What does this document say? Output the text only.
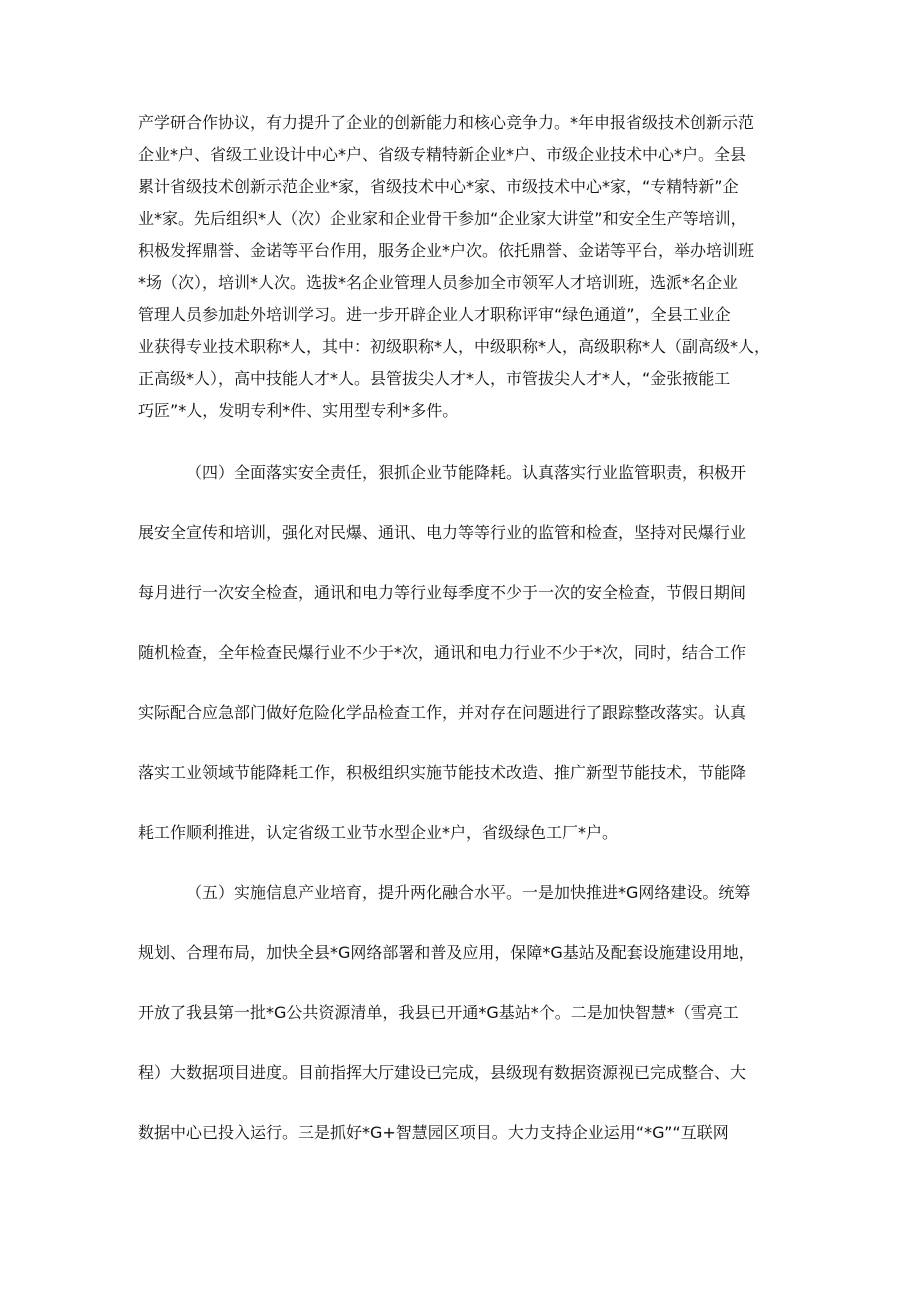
产学研合作协议，有力提升了企业的创新能力和核心竞争力。*年申报省级技术创新示范
企业*户、省级工业设计中心*户、省级专精特新企业*户、市级企业技术中心*户。全县
累计省级技术创新示范企业*家，省级技术中心*家、市级技术中心*家，“专精特新”企
业*家。先后组织*人（次）企业家和企业骨干参加“企业家大讲堂”和安全生产等培训，
积极发挥鼎誉、金诺等平台作用，服务企业*户次。依托鼎誉、金诺等平台，举办培训班
*场（次），培训*人次。选拔*名企业管理人员参加全市领军人才培训班，选派*名企业
管理人员参加赴外培训学习。进一步开辟企业人才职称评审“绿色通道”，全县工业企
业获得专业技术职称*人，其中：初级职称*人，中级职称*人，高级职称*人（副高级*人，
正高级*人），高中技能人才*人。县管拔尖人才*人，市管拔尖人才*人，“金张掖能工
巧匠”*人，发明专利*件、实用型专利*多件。
（四）全面落实安全责任，狠抓企业节能降耗。认真落实行业监管职责，积极开
展安全宣传和培训，强化对民爆、通讯、电力等等行业的监管和检查，坚持对民爆行业
每月进行一次安全检查，通讯和电力等行业每季度不少于一次的安全检查，节假日期间
随机检查，全年检查民爆行业不少于*次，通讯和电力行业不少于*次，同时，结合工作
实际配合应急部门做好危险化学品检查工作，并对存在问题进行了跟踪整改落实。认真
落实工业领域节能降耗工作，积极组织实施节能技术改造、推广新型节能技术，节能降
耗工作顺利推进，认定省级工业节水型企业*户，省级绿色工厂*户。
（五）实施信息产业培育，提升两化融合水平。一是加快推进*G网络建设。统筹
规划、合理布局，加快全县*G网络部署和普及应用，保障*G基站及配套设施建设用地，
开放了我县第一批*G公共资源清单，我县已开通*G基站*个。二是加快智慧*（雪亮工
程）大数据项目进度。目前指挥大厅建设已完成，县级现有数据资源视已完成整合、大
数据中心已投入运行。三是抓好*G+智慧园区项目。大力支持企业运用“*G”“互联网
